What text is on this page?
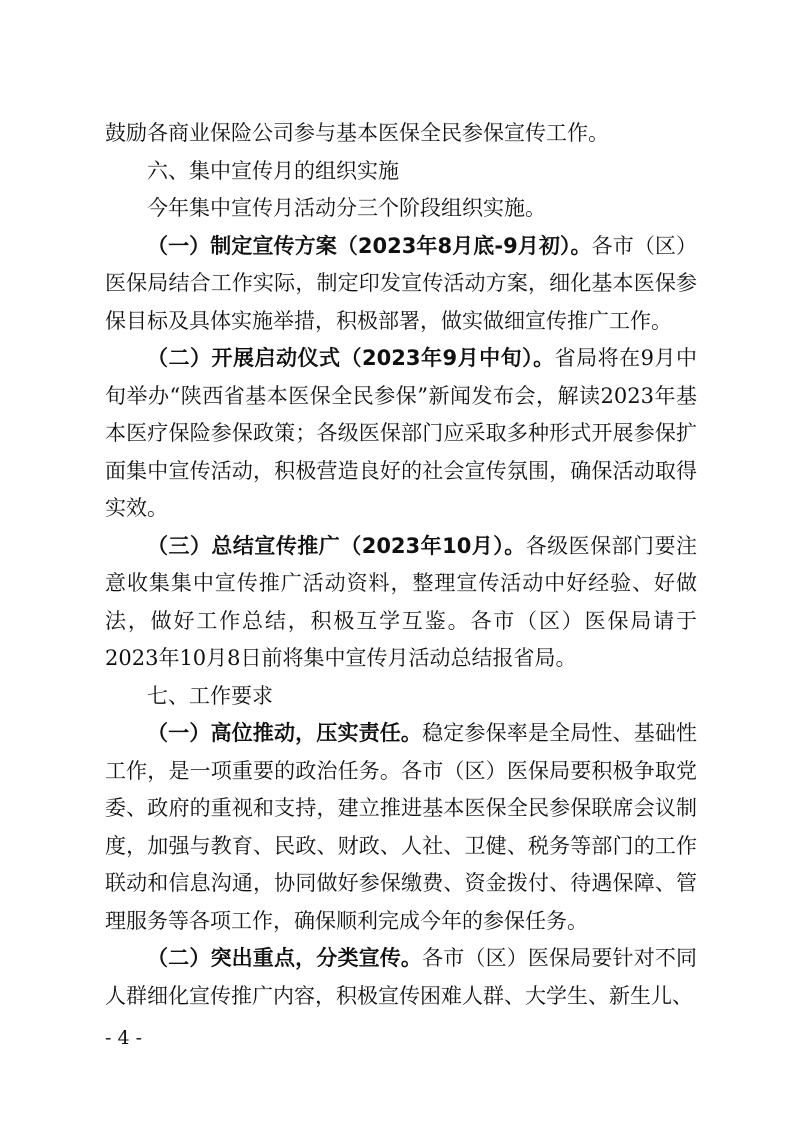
鼓励各商业保险公司参与基本医保全民参保宣传工作。

六、集中宣传月的组织实施

今年集中宣传月活动分三个阶段组织实施。

（一）制定宣传方案（2023年8月底-9月初）。各市（区）医保局结合工作实际，制定印发宣传活动方案，细化基本医保参保目标及具体实施举措，积极部署，做实做细宣传推广工作。

（二）开展启动仪式（2023年9月中旬）。省局将在9月中旬举办“陕西省基本医保全民参保”新闻发布会，解读2023年基本医疗保险参保政策；各级医保部门应采取多种形式开展参保扩面集中宣传活动，积极营造良好的社会宣传氛围，确保活动取得实效。

（三）总结宣传推广（2023年10月）。各级医保部门要注意收集集中宣传推广活动资料，整理宣传活动中好经验、好做法，做好工作总结，积极互学互鉴。各市（区）医保局请于2023年10月8日前将集中宣传月活动总结报省局。

七、工作要求

（一）高位推动，压实责任。稳定参保率是全局性、基础性工作，是一项重要的政治任务。各市（区）医保局要积极争取党委、政府的重视和支持，建立推进基本医保全民参保联席会议制度，加强与教育、民政、财政、人社、卫健、税务等部门的工作联动和信息沟通，协同做好参保缴费、资金拨付、待遇保障、管理服务等各项工作，确保顺利完成今年的参保任务。

（二）突出重点，分类宣传。各市（区）医保局要针对不同人群细化宣传推广内容，积极宣传困难人群、大学生、新生儿、

- 4 -
